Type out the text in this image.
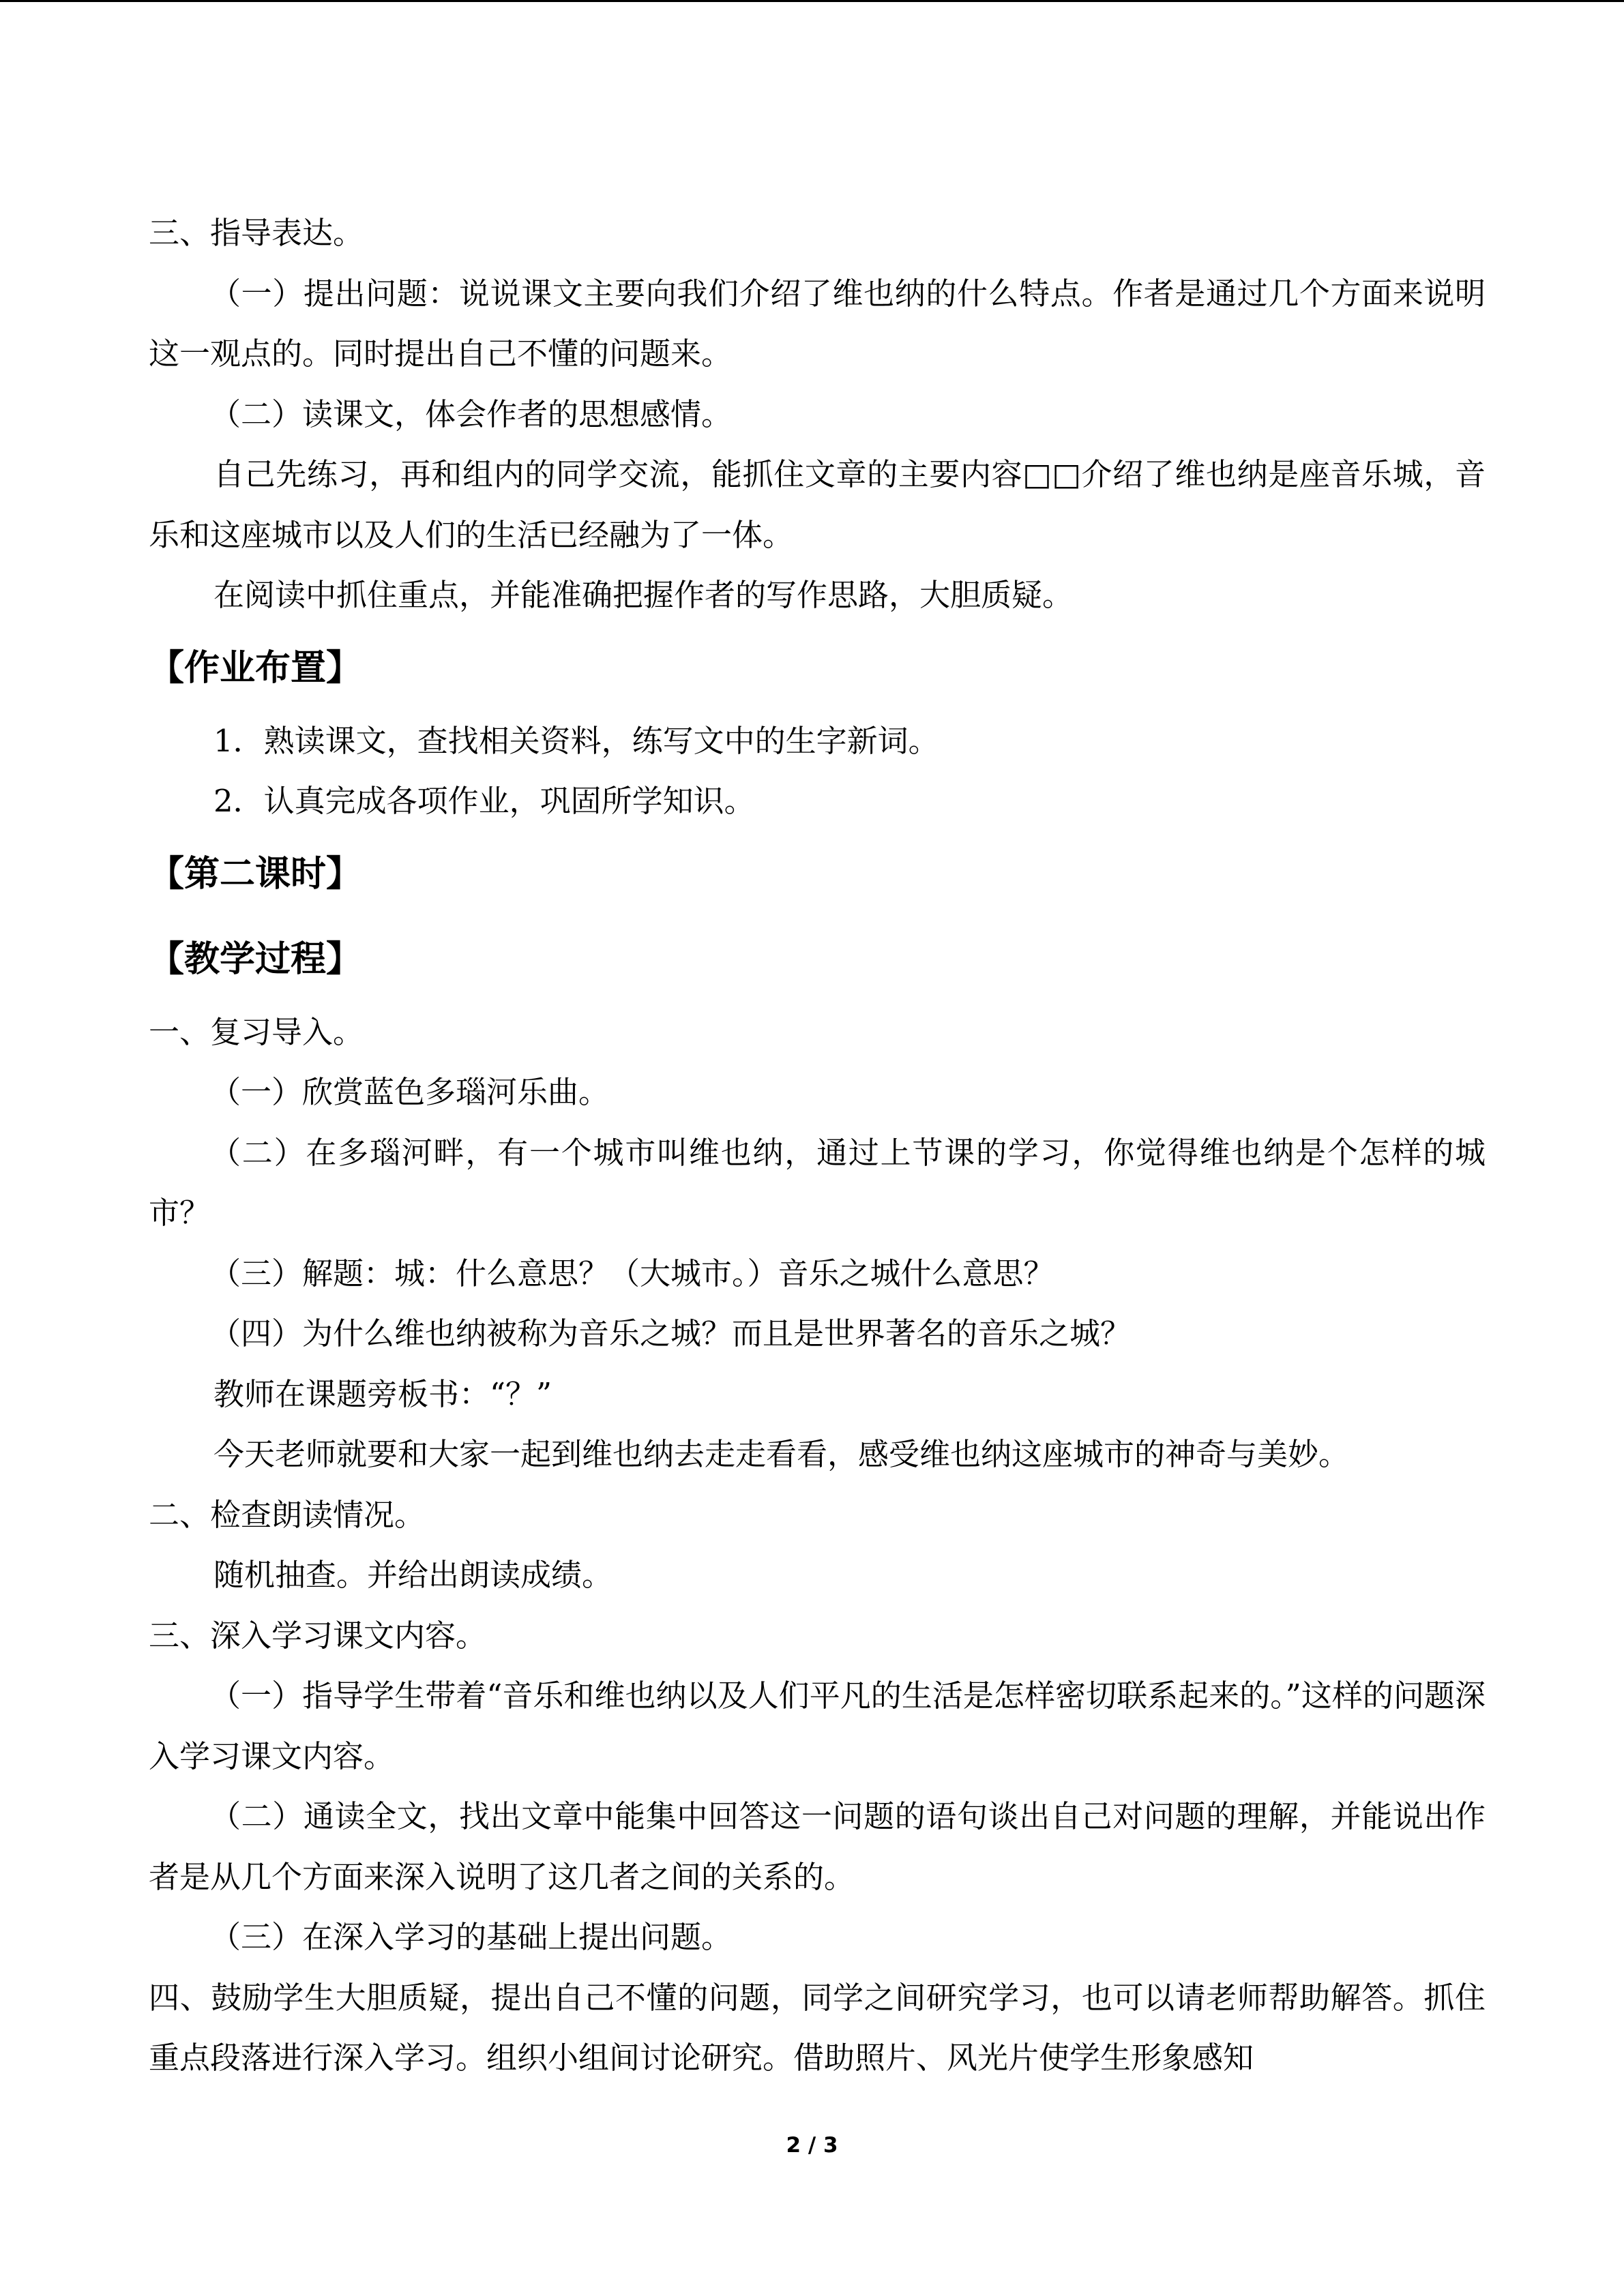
三、指导表达。

（一）提出问题：说说课文主要向我们介绍了维也纳的什么特点。作者是通过几个方面来说明这一观点的。同时提出自己不懂的问题来。

（二）读课文，体会作者的思想感情。

自己先练习，再和组内的同学交流，能抓住文章的主要内容□□介绍了维也纳是座音乐城，音乐和这座城市以及人们的生活已经融为了一体。

在阅读中抓住重点，并能准确把握作者的写作思路，大胆质疑。

【作业布置】

1．熟读课文，查找相关资料，练写文中的生字新词。

2．认真完成各项作业，巩固所学知识。

【第二课时】

【教学过程】

一、复习导入。

（一）欣赏蓝色多瑙河乐曲。

（二）在多瑙河畔，有一个城市叫维也纳，通过上节课的学习，你觉得维也纳是个怎样的城市？

（三）解题：城：什么意思？（大城市。）音乐之城什么意思？

（四）为什么维也纳被称为音乐之城？而且是世界著名的音乐之城？

教师在课题旁板书：“？”

今天老师就要和大家一起到维也纳去走走看看，感受维也纳这座城市的神奇与美妙。

二、检查朗读情况。

随机抽查。并给出朗读成绩。

三、深入学习课文内容。

（一）指导学生带着“音乐和维也纳以及人们平凡的生活是怎样密切联系起来的。”这样的问题深入学习课文内容。

（二）通读全文，找出文章中能集中回答这一问题的语句谈出自己对问题的理解，并能说出作者是从几个方面来深入说明了这几者之间的关系的。

（三）在深入学习的基础上提出问题。

四、鼓励学生大胆质疑，提出自己不懂的问题，同学之间研究学习，也可以请老师帮助解答。抓住重点段落进行深入学习。组织小组间讨论研究。借助照片、风光片使学生形象感知

2 / 3
